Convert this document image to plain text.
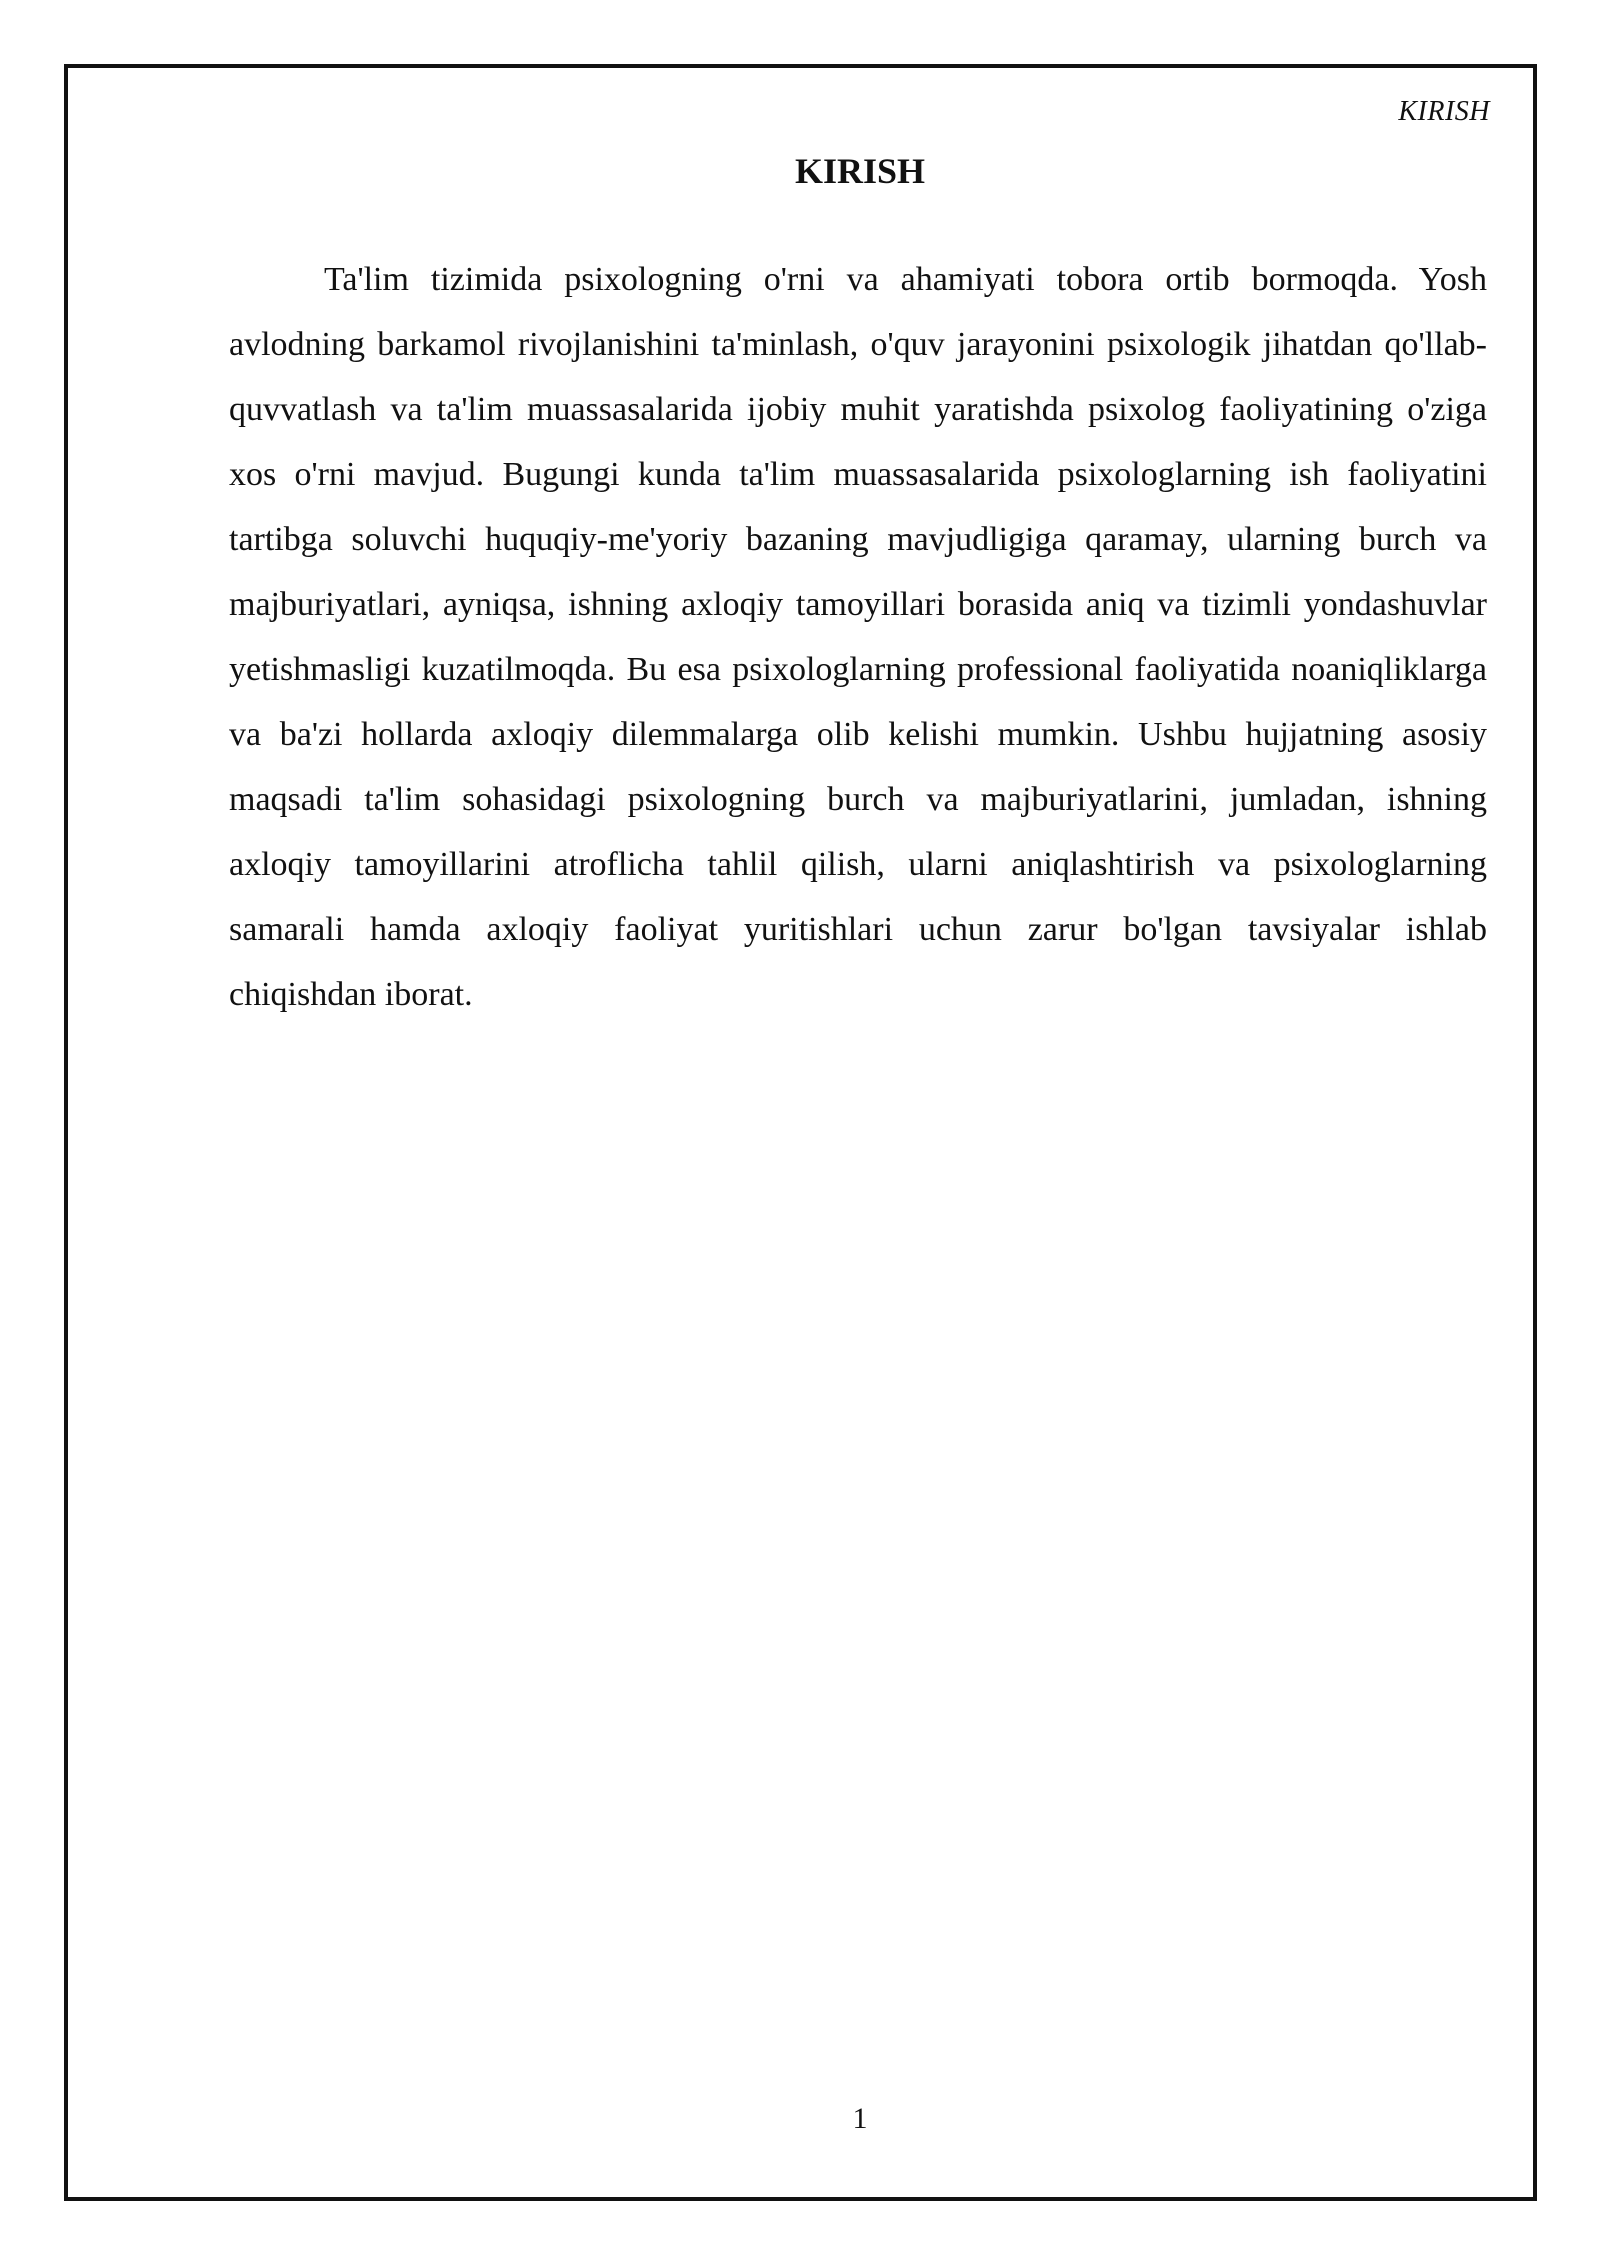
KIRISH
KIRISH

Ta'lim tizimida psixologning o'rni va ahamiyati tobora ortib bormoqda. Yosh avlodning barkamol rivojlanishini ta'minlash, o'quv jarayonini psixologik jihatdan qo'llab-quvvatlash va ta'lim muassasalarida ijobiy muhit yaratishda psixolog faoliyatining o'ziga xos o'rni mavjud. Bugungi kunda ta'lim muassasalarida psixologlarning ish faoliyatini tartibga soluvchi huquqiy-me'yoriy bazaning mavjudligiga qaramay, ularning burch va majburiyatlari, ayniqsa, ishning axloqiy tamoyillari borasida aniq va tizimli yondashuvlar yetishmasligi kuzatilmoqda. Bu esa psixologlarning professional faoliyatida noaniqliklarga va ba'zi hollarda axloqiy dilemmalarga olib kelishi mumkin. Ushbu hujjatning asosiy maqsadi ta'lim sohasidagi psixologning burch va majburiyatlarini, jumladan, ishning axloqiy tamoyillarini atroflicha tahlil qilish, ularni aniqlashtirish va psixologlarning samarali hamda axloqiy faoliyat yuritishlari uchun zarur bo'lgan tavsiyalar ishlab chiqishdan iborat.

1
